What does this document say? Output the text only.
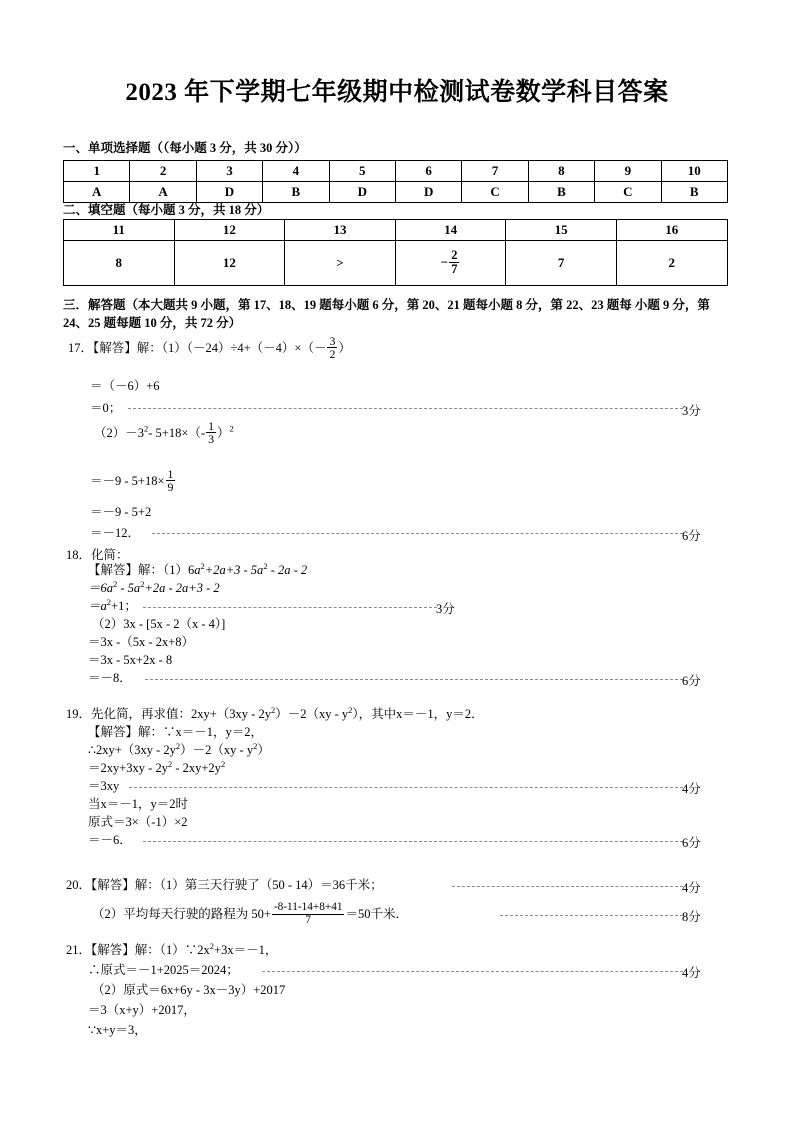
2023 年下学期七年级期中检测试卷数学科目答案
一、单项选择题（（每小题 3 分，共 30 分））
1	2	3	4	5	6	7	8	9	10
A	A	D	B	D	D	C	B	C	B
二、填空题（每小题 3 分，共 18 分）
11	12	13	14	15	16
8	12	>	− $\frac{2}{7}$	7	2
三．解答题（本大题共 9 小题，第 17、18、19 题每小题 6 分，第 20、21 题每小题 8 分，第 22、23 题每 小题 9 分，第 24、25 题每题 10 分，共 72 分）
17．【解答】解：$(1)(-24)\div 4+(-4)\times(- \frac{3}{2}$ ）
＝（－6）+6
＝0；	3分
$(2)-3^2-$ $5+18\times(- \frac{1}{3} )^2$
$=-9 - 5+18\times \frac{1}{9}$
＝－9 - 5+2
＝－12．	6分
18．化简：
【解答】解：$(1)6a^2+2a+3 - 5a^2 - 2a - 2$
$=6a^2 - 5a^2+2a - 2a+3 - 2$
$=a^2+1$；	3分
（2）3x - [5x - 2（x - 4）]
＝3x -（5x - 2x+8）
＝3x - 5x+2x - 8
＝－8．	6分
19．先化简，再求值：$2xy+(3xy - 2y^2)-2(xy - y^2)$，其中x＝－1，y＝2．
【解答】解：∵x＝－1，y＝2，
∴2xy+（3xy - $2y^2)-2(xy - y^2)$
$=2xy+3xy - 2y^2 - 2xy+2y^2$
＝3xy	4分
当x＝－1，y＝2时
原式＝3×（-1）×2
＝－6．	6分
20．【解答】解：（1）第三天行驶了（50 - 14）＝36千米；	4分
（2）平均每天行驶的路程为 $50+ \frac{-8-11-14+8+41}{7} =50$千米．	8分
21．【解答】解：$(1)\because 2x^2+3x=-1$，
∴原式＝－1+2025＝2024；	4分
（2）原式＝6x+6y - 3x－3y）+2017
＝3（x+y）+2017，
∵x+y＝3，
